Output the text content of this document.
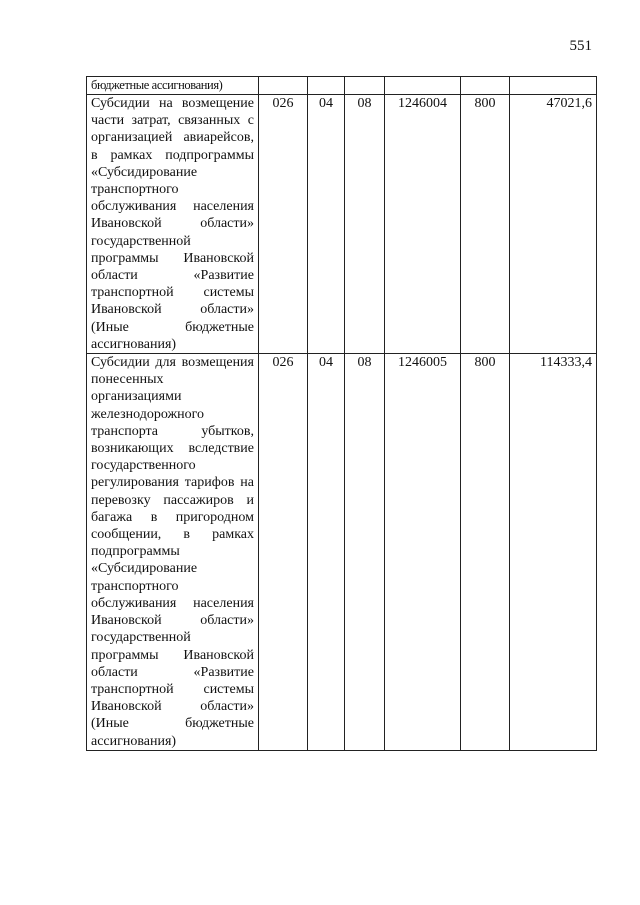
551
бюджетные ассигнования)						
Субсидии на возмещение части затрат, связанных с организацией авиарейсов, в рамках подпрограммы «Субсидирование транспортного обслуживания населения Ивановской области» государственной программы Ивановской области «Развитие транспортной системы Ивановской области» (Иные бюджетные ассигнования)	026	04	08	1246004	800	47021,6
Субсидии для возмещения понесенных организациями железнодорожного транспорта убытков, возникающих вследствие государственного регулирования тарифов на перевозку пассажиров и багажа в пригородном сообщении, в рамках подпрограммы «Субсидирование транспортного обслуживания населения Ивановской области» государственной программы Ивановской области «Развитие транспортной системы Ивановской области» (Иные бюджетные ассигнования)	026	04	08	1246005	800	114333,4
